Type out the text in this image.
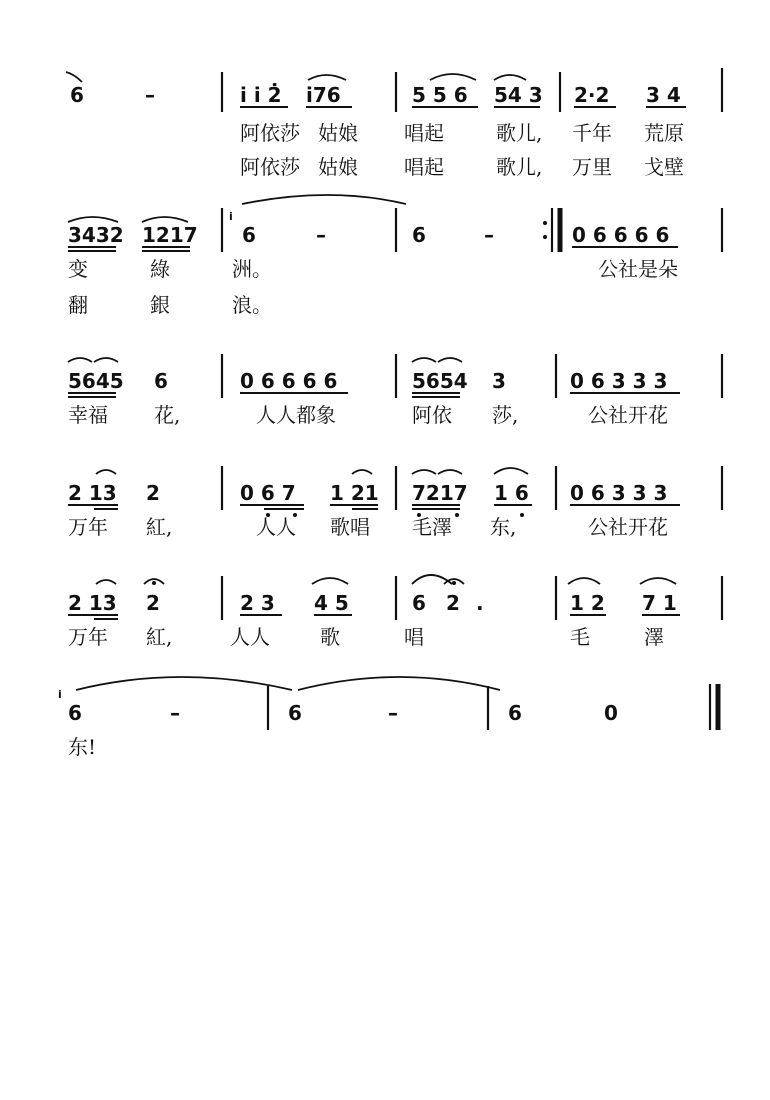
6	–	i i 2̇ i76	5 5 6 54 3 2·2 3 4
阿依莎 姑娘 唱起	歌儿, 千年 荒原
阿依莎 姑娘 唱起	歌儿, 万里 戈壁
3432 1217
i
6	–	6	–	0 6 6 6 6
变	綠	洲。	公社是朵
翻	銀	浪。
5645 6	0 6 6 6 6	5654 3	0 6 3 3 3
幸福 花,	人人都象	阿依 莎,	公社开花
2 13 2	0 6 7 1 21 7217 1 6 0 6 3 3 3
万年 紅,	人人 歌唱 毛澤 东,	公社开花
2 13 2	2 3 4 5	6 2 .	1 2 7 1
万年 紅,	人人	歌	唱	毛	澤
i
6	–	6	–	6	0
东!
